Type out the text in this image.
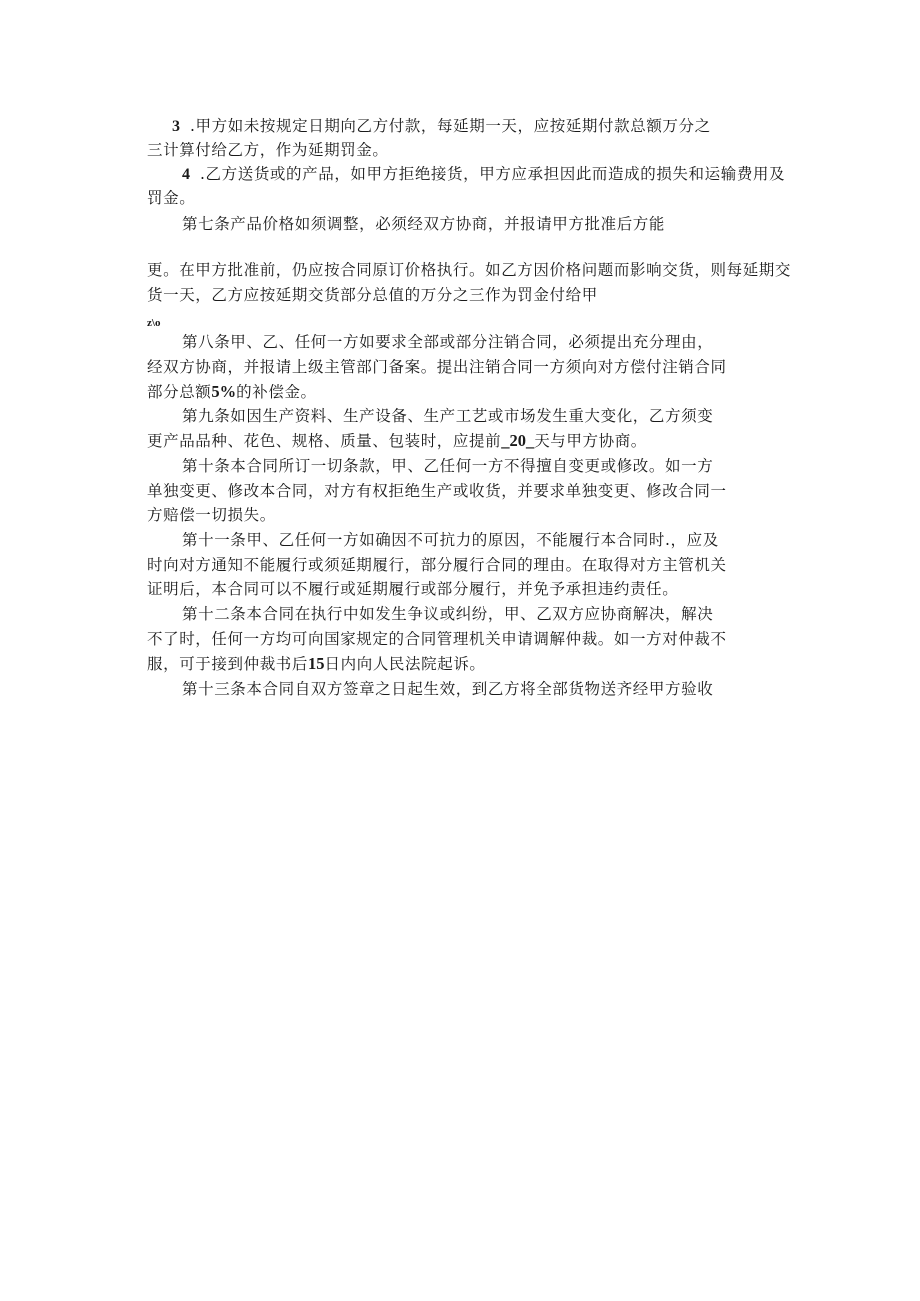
3 .甲方如未按规定日期向乙方付款，每延期一天，应按延期付款总额万分之
三计算付给乙方，作为延期罚金。
4 .乙方送货或的产品，如甲方拒绝接货，甲方应承担因此而造成的损失和运输费用及
罚金。
第七条产品价格如须调整，必须经双方协商，并报请甲方批准后方能
更。在甲方批准前，仍应按合同原订价格执行。如乙方因价格问题而影响交货，则每延期交
货一天，乙方应按延期交货部分总值的万分之三作为罚金付给甲
z\o
第八条甲、乙、任何一方如要求全部或部分注销合同，必须提出充分理由，
经双方协商，并报请上级主管部门备案。提出注销合同一方须向对方偿付注销合同
部分总额5%的补偿金。
第九条如因生产资料、生产设备、生产工艺或市场发生重大变化，乙方须变
更产品品种、花色、规格、质量、包装时，应提前_20_天与甲方协商。
第十条本合同所订一切条款，甲、乙任何一方不得擅自变更或修改。如一方
单独变更、修改本合同，对方有权拒绝生产或收货，并要求单独变更、修改合同一
方赔偿一切损失。
第十一条甲、乙任何一方如确因不可抗力的原因，不能履行本合同时.，应及
时向对方通知不能履行或须延期履行，部分履行合同的理由。在取得对方主管机关
证明后，本合同可以不履行或延期履行或部分履行，并免予承担违约责任。
第十二条本合同在执行中如发生争议或纠纷，甲、乙双方应协商解决，解决
不了时，任何一方均可向国家规定的合同管理机关申请调解仲裁。如一方对仲裁不
服，可于接到仲裁书后15日内向人民法院起诉。
第十三条本合同自双方签章之日起生效，到乙方将全部货物送齐经甲方验收
